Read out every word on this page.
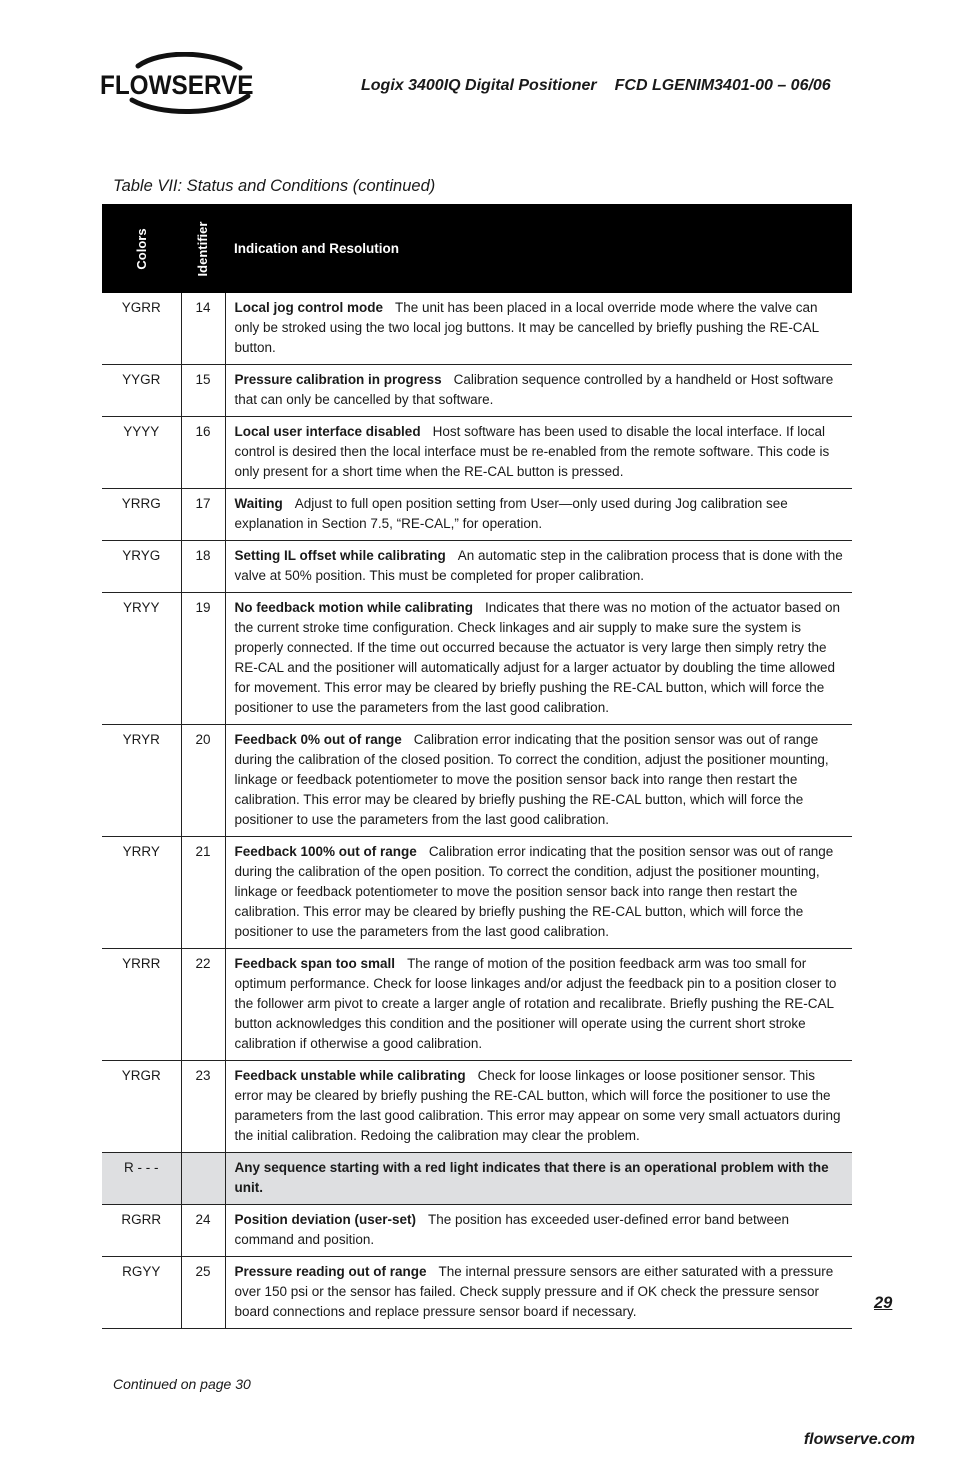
FLOWSERVE	Logix 3400IQ Digital Positioner FCD LGENIM3401-00 – 06/06
Table VII: Status and Conditions (continued)
Colors	Identifier	Indication and Resolution
YGRR	14	Local jog control mode The unit has been placed in a local override mode where the valve can only be stroked using the two local jog buttons. It may be cancelled by briefly pushing the RE-CAL button.
YYGR	15	Pressure calibration in progress Calibration sequence controlled by a handheld or Host software that can only be cancelled by that software.
YYYY	16	Local user interface disabled Host software has been used to disable the local interface. If local control is desired then the local interface must be re-enabled from the remote software. This code is only present for a short time when the RE-CAL button is pressed.
YRRG	17	Waiting Adjust to full open position setting from User—only used during Jog calibration see explanation in Section 7.5, “RE-CAL,” for operation.
YRYG	18	Setting IL offset while calibrating An automatic step in the calibration process that is done with the valve at 50% position. This must be completed for proper calibration.
YRYY	19	No feedback motion while calibrating Indicates that there was no motion of the actuator based on the current stroke time configuration. Check linkages and air supply to make sure the system is properly connected. If the time out occurred because the actuator is very large then simply retry the RE-CAL and the positioner will automatically adjust for a larger actuator by doubling the time allowed for movement. This error may be cleared by briefly pushing the RE-CAL button, which will force the positioner to use the parameters from the last good calibration.
YRYR	20	Feedback 0% out of range Calibration error indicating that the position sensor was out of range during the calibration of the closed position. To correct the condition, adjust the positioner mounting, linkage or feedback potentiometer to move the position sensor back into range then restart the calibration. This error may be cleared by briefly pushing the RE-CAL button, which will force the positioner to use the parameters from the last good calibration.
YRRY	21	Feedback 100% out of range Calibration error indicating that the position sensor was out of range during the calibration of the open position. To correct the condition, adjust the positioner mounting, linkage or feedback potentiometer to move the position sensor back into range then restart the calibration. This error may be cleared by briefly pushing the RE-CAL button, which will force the positioner to use the parameters from the last good calibration.
YRRR	22	Feedback span too small The range of motion of the position feedback arm was too small for optimum performance. Check for loose linkages and/or adjust the feedback pin to a position closer to the follower arm pivot to create a larger angle of rotation and recalibrate. Briefly pushing the RE-CAL button acknowledges this condition and the positioner will operate using the current short stroke calibration if otherwise a good calibration.
YRGR	23	Feedback unstable while calibrating Check for loose linkages or loose positioner sensor. This error may be cleared by briefly pushing the RE-CAL button, which will force the positioner to use the parameters from the last good calibration. This error may appear on some very small actuators during the initial calibration. Redoing the calibration may clear the problem.
R - - -		Any sequence starting with a red light indicates that there is an operational problem with the unit.
RGRR	24	Position deviation (user-set) The position has exceeded user-defined error band between command and position.
RGYY	25	Pressure reading out of range The internal pressure sensors are either saturated with a pressure over 150 psi or the sensor has failed. Check supply pressure and if OK check the pressure sensor board connections and replace pressure sensor board if necessary.
Continued on page 30
29
flowserve.com
